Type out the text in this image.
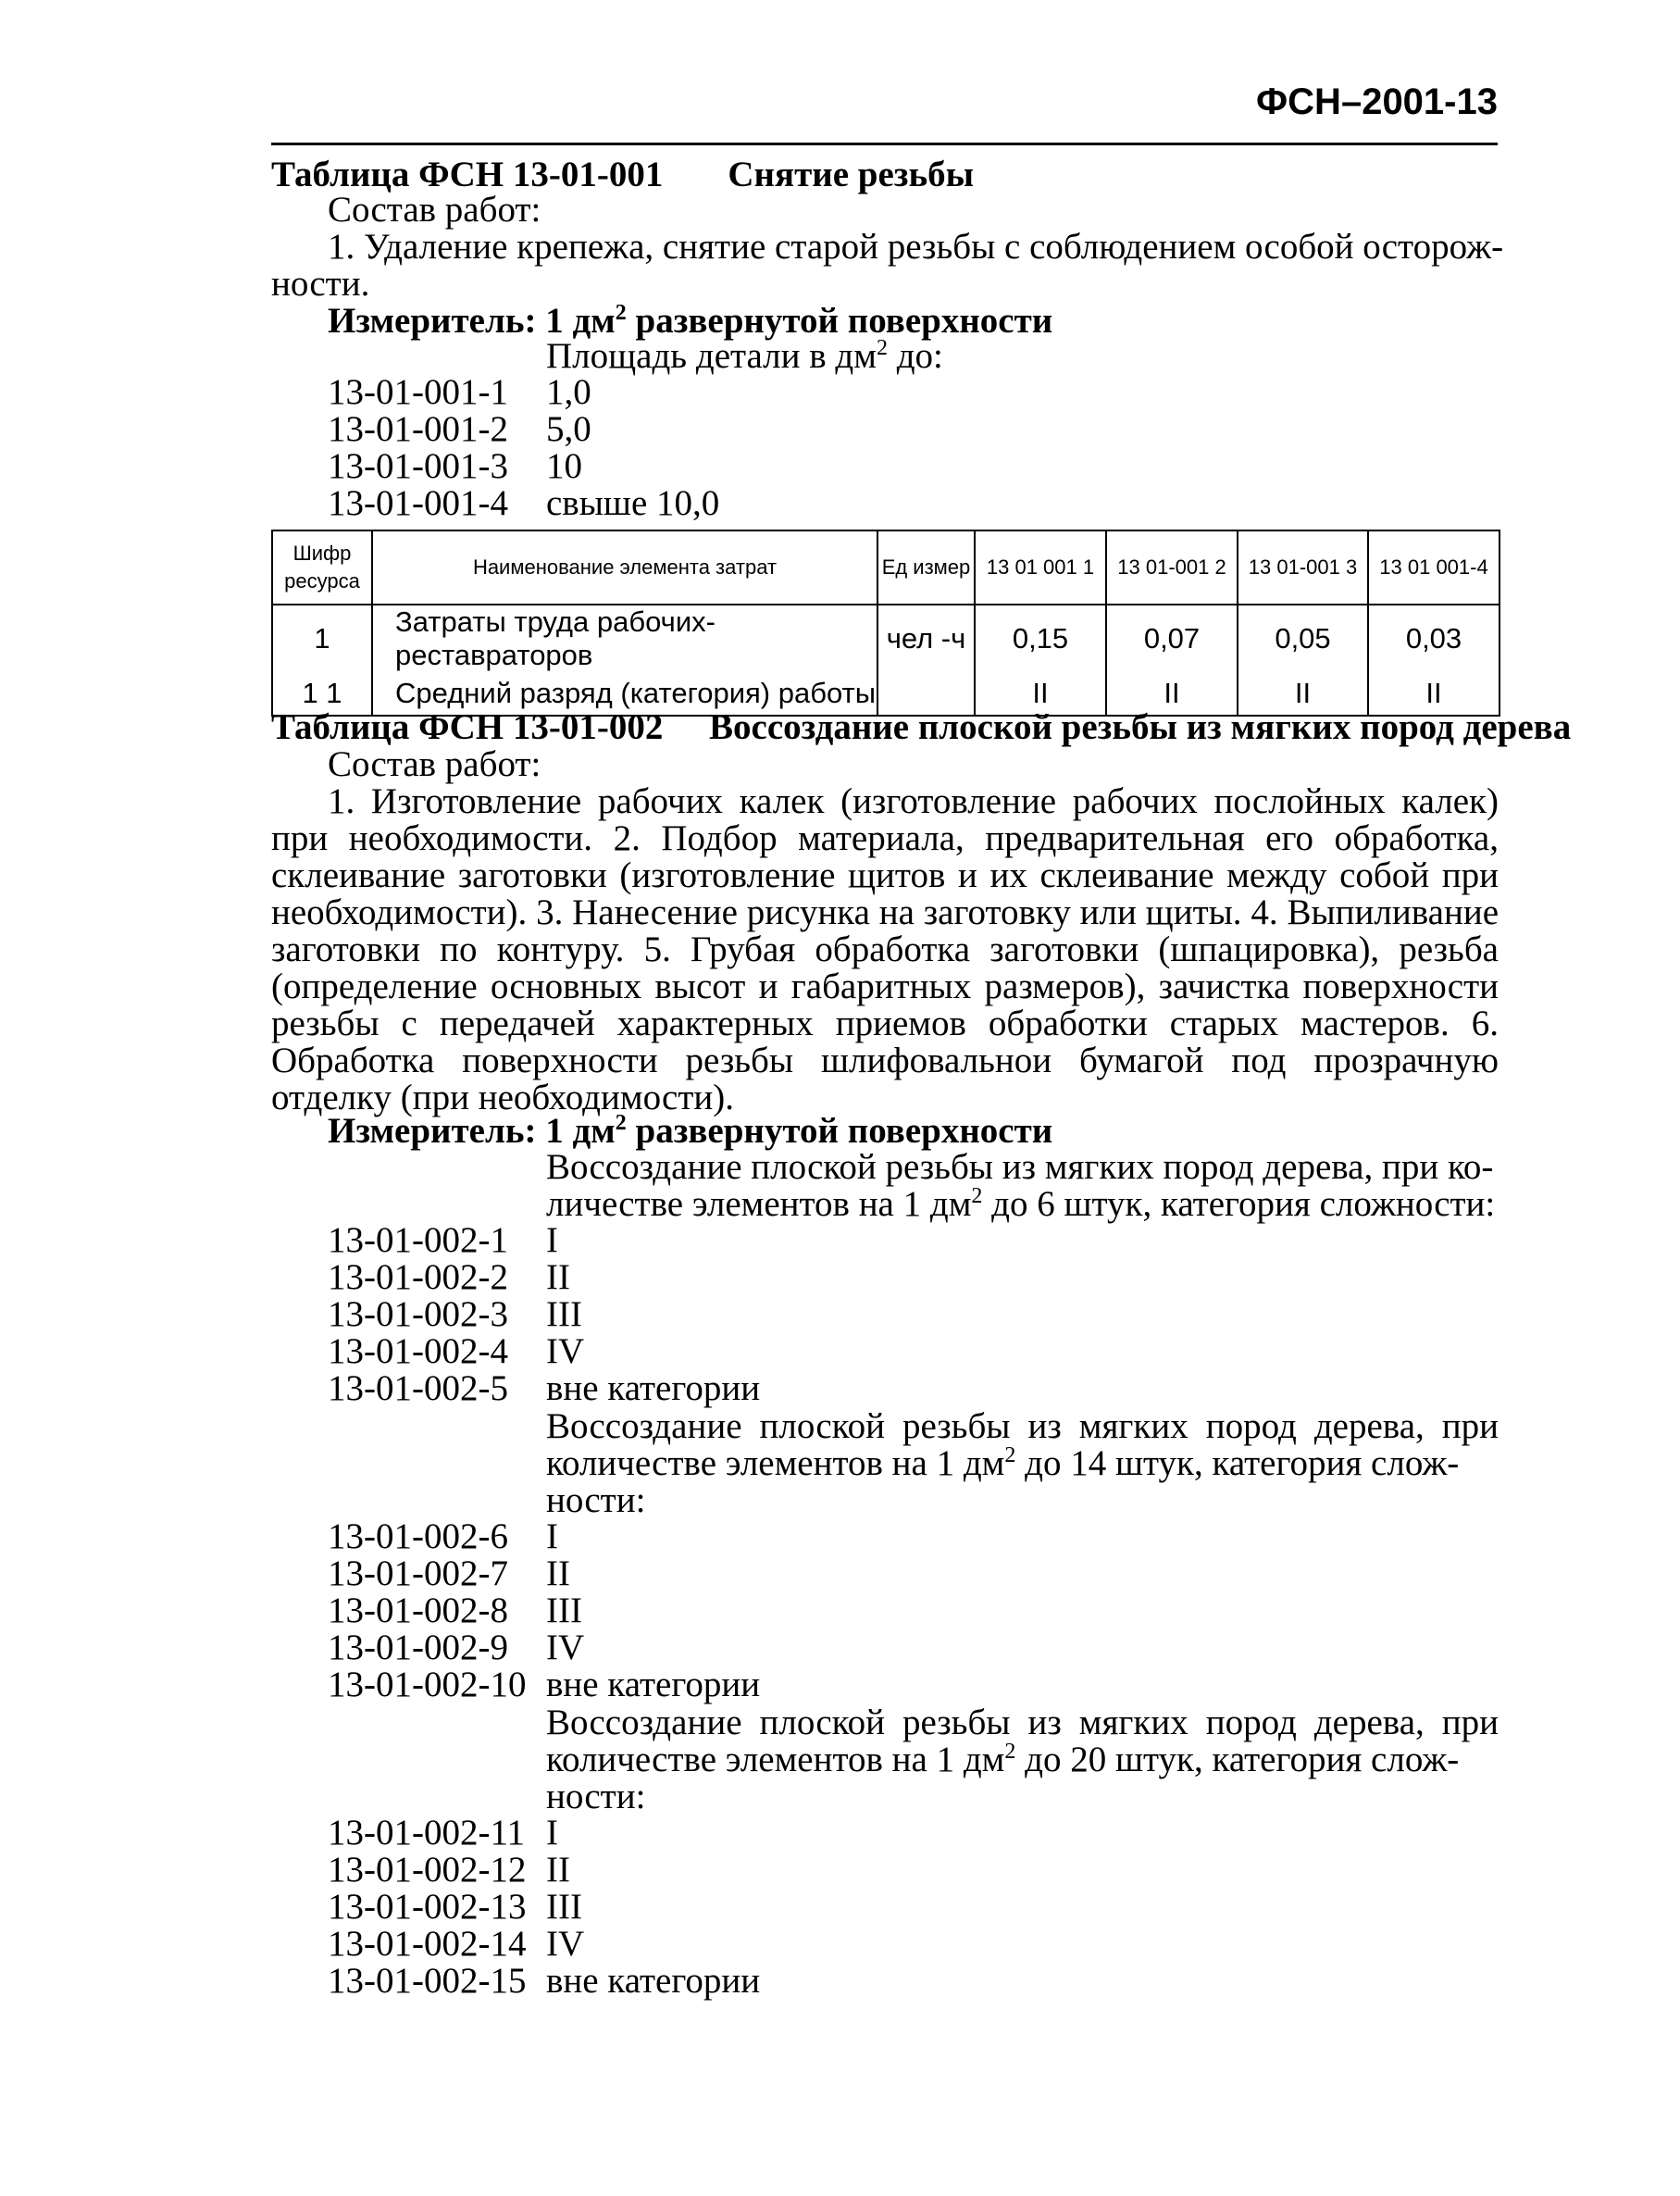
ФСН–2001-13
Таблица ФСН 13-01-001 Снятие резьбы
Состав работ:
1. Удаление крепежа, снятие старой резьбы с соблюдением особой осторож-
ности.
Измеритель: 1 $дм^2$ развернутой поверхности
Площадь детали в $дм^2$ до:
13-01-001-1 1,0
13-01-001-2 5,0
13-01-001-3 10
13-01-001-4 свыше 10,0
Шифр ресурса	Наименование элемента затрат	Ед измер	13 01 001 1	13 01-001 2	13 01-001 3	13 01 001-4
1	Затраты труда рабочих-реставраторов	чел -ч	0,15	0,07	0,05	0,03
1 1	Средний разряд (категория) работы		II	II	II	II
Таблица ФСН 13-01-002 Воссоздание плоской резьбы из мягких пород дерева
Состав работ:
1. Изготовление рабочих калек (изготовление рабочих послойных калек) при необходимости. 2. Подбор материала, предварительная его обработка, склеивание заготовки (изготовление щитов и их склеивание между собой при необходимости). 3. Нанесение рисунка на заготовку или щиты. 4. Выпиливание заготовки по контуру. 5. Грубая обработка заготовки (шпацировка), резьба (определение основных высот и габаритных размеров), зачистка поверхности резьбы с передачей характерных приемов обработки старых мастеров. 6. Обработка поверхности резьбы шлифовальнои бумагой под прозрачную отделку (при необходимости).
Измеритель: 1 $дм^2$ развернутой поверхности
Воссоздание плоской резьбы из мягких пород дерева, при ко-
личестве элементов на 1 $дм^2$ до 6 штук, категория сложности:
13-01-002-1 I
13-01-002-2 II
13-01-002-3 III
13-01-002-4 IV
13-01-002-5 вне категории
Воссоздание плоской резьбы из мягких пород дерева, при
количестве элементов на 1 $дм^2$ до 14 штук, категория слож-
ности:
13-01-002-6 I
13-01-002-7 II
13-01-002-8 III
13-01-002-9 IV
13-01-002-10 вне категории
Воссоздание плоской резьбы из мягких пород дерева, при
количестве элементов на 1 $дм^2$ до 20 штук, категория слож-
ности:
13-01-002-11 I
13-01-002-12 II
13-01-002-13 III
13-01-002-14 IV
13-01-002-15 вне категории
